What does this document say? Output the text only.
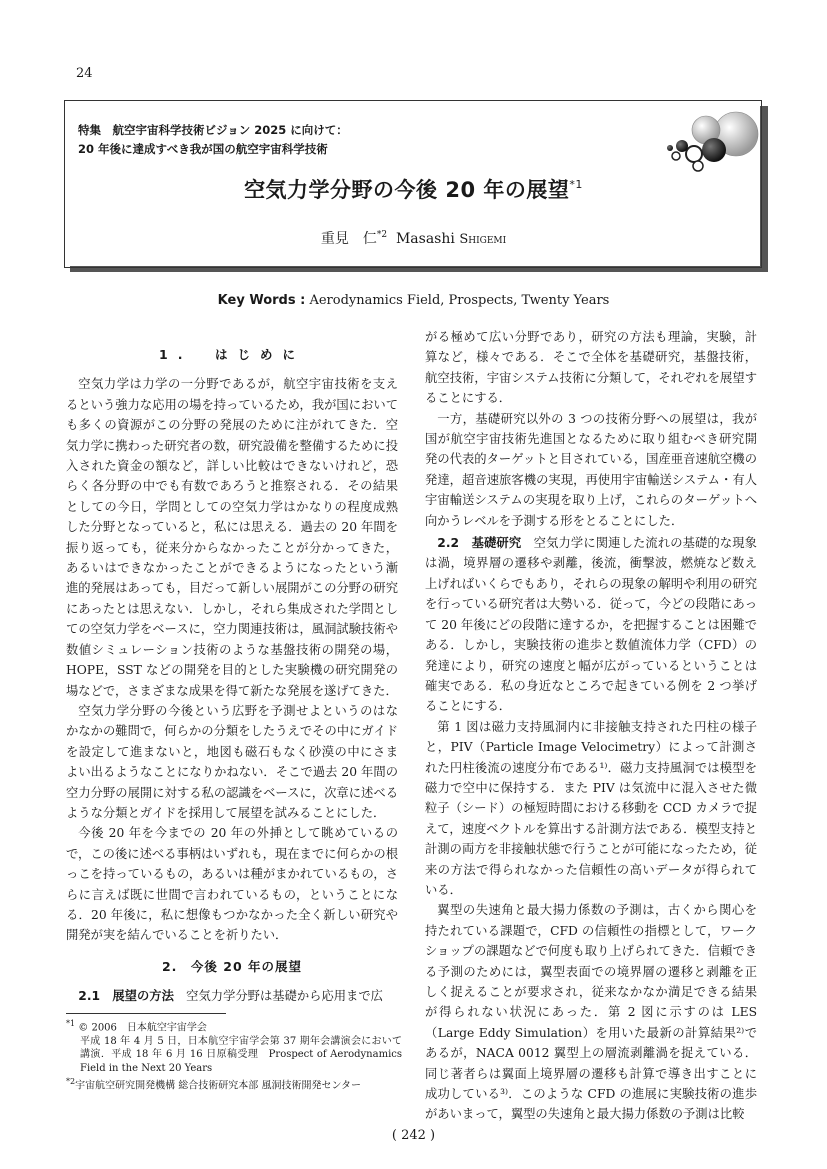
24
特集　航空宇宙科学技術ビジョン 2025 に向けて：
20 年後に達成すべき我が国の航空宇宙科学技術
空気力学分野の今後 20 年の展望$^{*1}$
重見　仁$^{*2}$ Masashi Shigemi
Key Words : Aerodynamics Field, Prospects, Twenty Years
1.　はじめに

空気力学は力学の一分野であるが，航空宇宙技術を支えるという強力な応用の場を持っているため，我が国においても多くの資源がこの分野の発展のために注がれてきた．空気力学に携わった研究者の数，研究設備を整備するために投入された資金の額など，詳しい比較はできないけれど，恐らく各分野の中でも有数であろうと推察される．その結果としての今日，学問としての空気力学はかなりの程度成熟した分野となっていると，私には思える．過去の 20 年間を振り返っても，従来分からなかったことが分かってきた，あるいはできなかったことができるようになったという漸進的発展はあっても，目だって新しい展開がこの分野の研究にあったとは思えない．しかし，それら集成された学問としての空気力学をベースに，空力関連技術は，風洞試験技術や数値シミュレーション技術のような基盤技術の開発の場，HOPE，SST などの開発を目的とした実験機の研究開発の場などで，さまざまな成果を得て新たな発展を遂げてきた．

空気力学分野の今後という広野を予測せよというのはなかなかの難問で，何らかの分類をしたうえでその中にガイドを設定して進まないと，地図も磁石もなく砂漠の中にさまよい出るようなことになりかねない．そこで過去 20 年間の空力分野の展開に対する私の認識をベースに，次章に述べるような分類とガイドを採用して展望を試みることにした．

今後 20 年を今までの 20 年の外挿として眺めているので，この後に述べる事柄はいずれも，現在までに何らかの根っこを持っているもの，あるいは種がまかれているもの，さらに言えば既に世間で言われているもの，ということになる．20 年後に，私に想像もつかなかった全く新しい研究や開発が実を結んでいることを祈りたい．

2.　今後 20 年の展望

2.1　展望の方法　空気力学分野は基礎から応用まで広

$^{*1}$ © 2006　日本航空宇宙学会
平成 18 年 4 月 5 日，日本航空宇宙学会第 37 期年会講演会において講演．平成 18 年 6 月 16 日原稿受理　Prospect of Aerodynamics Field in the Next 20 Years
$^{*2}$宇宙航空研究開発機構 総合技術研究本部 風洞技術開発センター

がる極めて広い分野であり，研究の方法も理論，実験，計算など，様々である．そこで全体を基礎研究，基盤技術，航空技術，宇宙システム技術に分類して，それぞれを展望することにする．

一方，基礎研究以外の 3 つの技術分野への展望は，我が国が航空宇宙技術先進国となるために取り組むべき研究開発の代表的ターゲットと目されている，国産亜音速航空機の発達，超音速旅客機の実現，再使用宇宙輸送システム・有人宇宙輸送システムの実現を取り上げ，これらのターゲットへ向かうレベルを予測する形をとることにした．

2.2　基礎研究　空気力学に関連した流れの基礎的な現象は渦，境界層の遷移や剥離，後流，衝撃波，燃焼など数え上げればいくらでもあり，それらの現象の解明や利用の研究を行っている研究者は大勢いる．従って，今どの段階にあって 20 年後にどの段階に達するか，を把握することは困難である．しかし，実験技術の進歩と数値流体力学（CFD）の発達により，研究の速度と幅が広がっているということは確実である．私の身近なところで起きている例を 2 つ挙げることにする．

第 1 図は磁力支持風洞内に非接触支持された円柱の様子と，PIV（Particle Image Velocimetry）によって計測された円柱後流の速度分布である¹⁾．磁力支持風洞では模型を磁力で空中に保持する．また PIV は気流中に混入させた微粒子（シード）の極短時間における移動を CCD カメラで捉えて，速度ベクトルを算出する計測方法である．模型支持と計測の両方を非接触状態で行うことが可能になったため，従来の方法で得られなかった信頼性の高いデータが得られている．

翼型の失速角と最大揚力係数の予測は，古くから関心を持たれている課題で，CFD の信頼性の指標として，ワークショップの課題などで何度も取り上げられてきた．信頼できる予測のためには，翼型表面での境界層の遷移と剥離を正しく捉えることが要求され，従来なかなか満足できる結果が得られない状況にあった．第 2 図に示すのは LES（Large Eddy Simulation）を用いた最新の計算結果²⁾であるが，NACA 0012 翼型上の層流剥離渦を捉えている．同じ著者らは翼面上境界層の遷移も計算で導き出すことに成功している³⁾．このような CFD の進展に実験技術の進歩があいまって，翼型の失速角と最大揚力係数の予測は比較

( 242 )
